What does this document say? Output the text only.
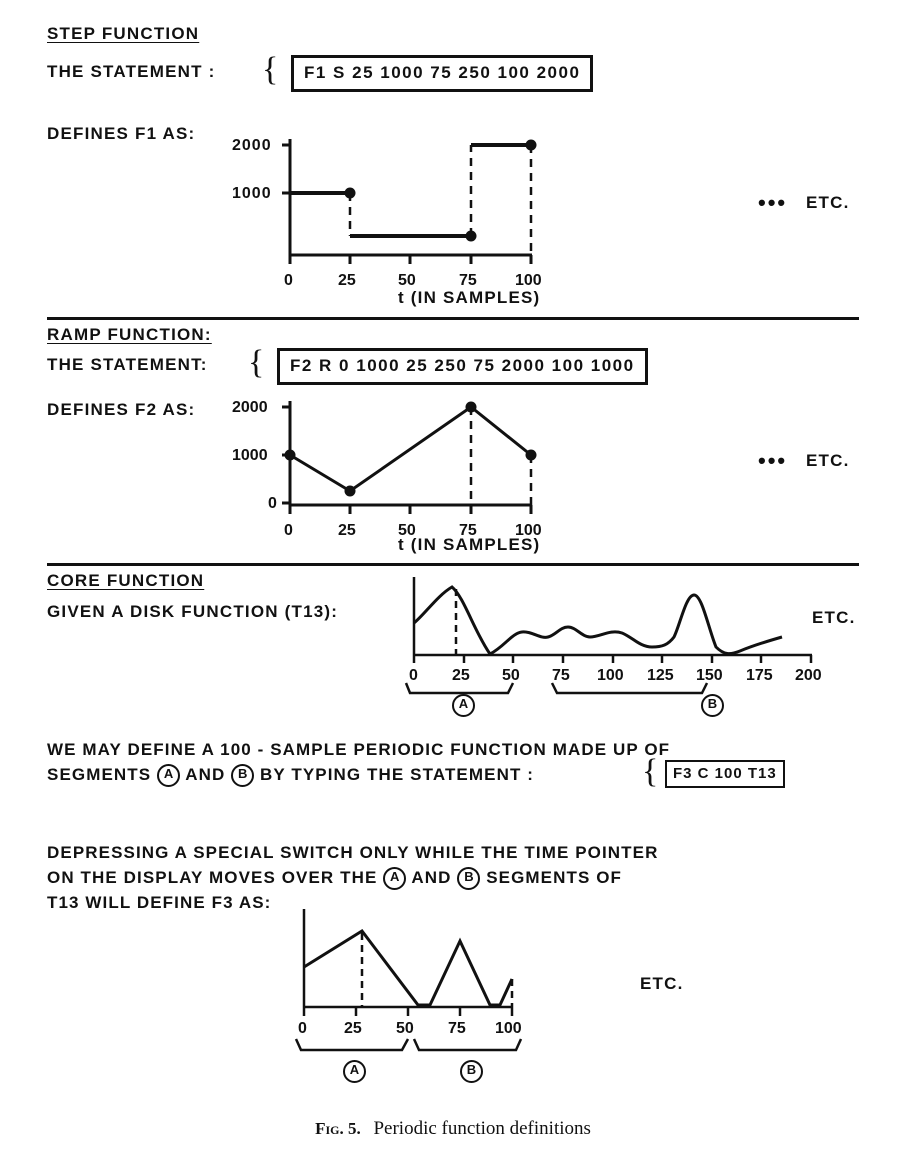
STEP FUNCTION
THE STATEMENT : {	F1 S 25 1000 75 250 100 2000
DEFINES F1 AS:
2000
1000
0	25	50	75 100
••• ETC.
t (IN SAMPLES)
RAMP FUNCTION:
THE STATEMENT: {	F2 R 0 1000 25 250 75 2000 100 1000
DEFINES F2 AS: 2000
1000
0
0	25	50	75 100
••• ETC.
t (IN SAMPLES)
CORE FUNCTION
GIVEN A DISK FUNCTION (T13):
0 25 50 75 100 125 150 175 200
ETC.
A	B
WE MAY DEFINE A 100 - SAMPLE PERIODIC FUNCTION MADE UP OF
SEGMENTS A AND B BY TYPING THE STATEMENT :	{ F3 C 100 T13
DEPRESSING A SPECIAL SWITCH ONLY WHILE THE TIME POINTER
ON THE DISPLAY MOVES OVER THE A AND B SEGMENTS OF
T13 WILL DEFINE F3 AS:
0 25 50 75 100
ETC.
A	B
Fig. 5. Periodic function definitions
